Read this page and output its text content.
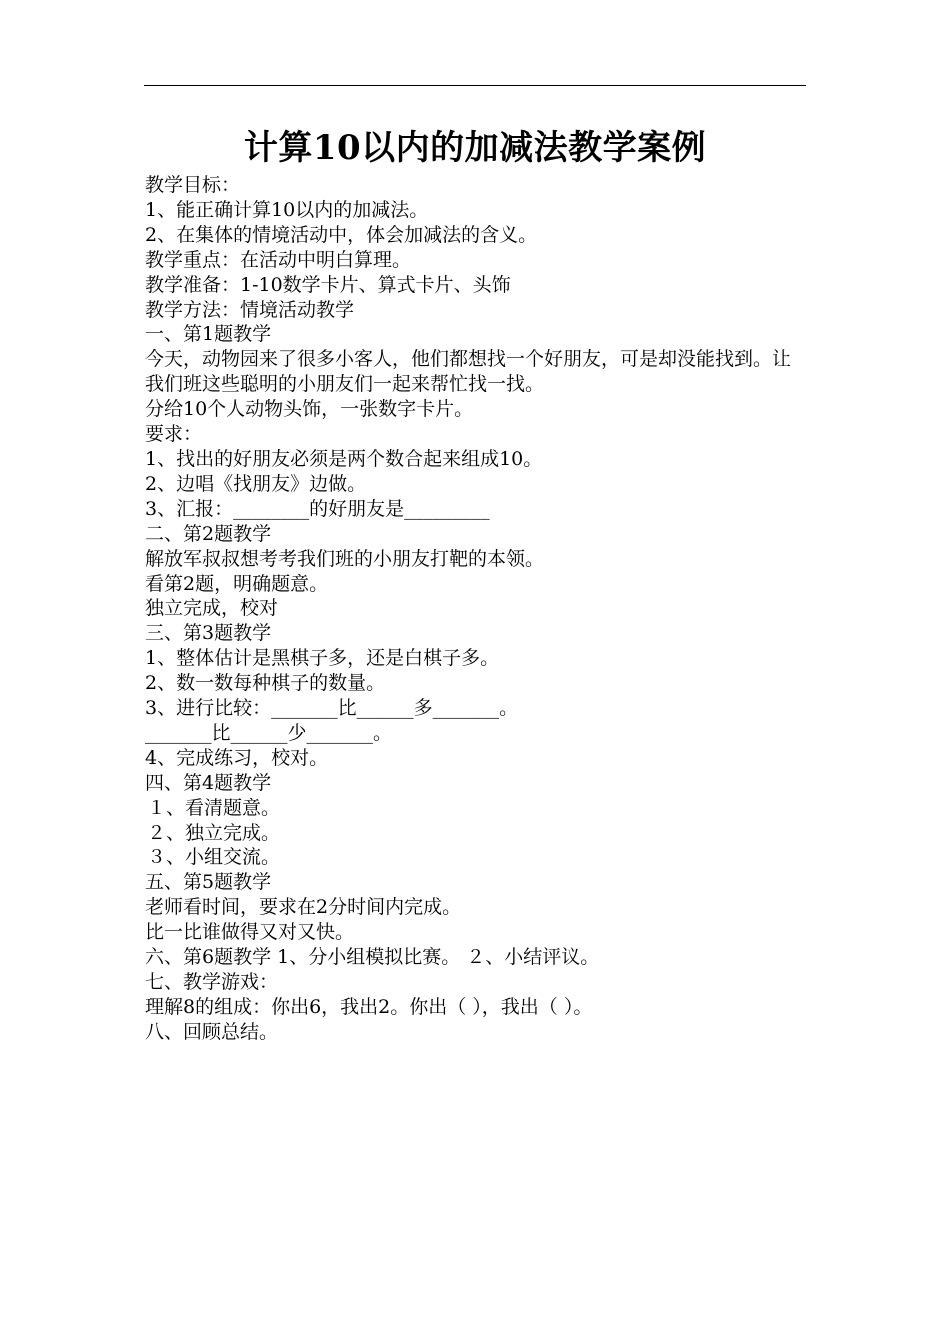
计算10以内的加减法教学案例
教学目标：
1、能正确计算10以内的加减法。
2、在集体的情境活动中，体会加减法的含义。
教学重点：在活动中明白算理。
教学准备：1-10数学卡片、算式卡片、头饰
教学方法：情境活动教学
一、第1题教学
今天，动物园来了很多小客人，他们都想找一个好朋友，可是却没能找到。让我们班这些聪明的小朋友们一起来帮忙找一找。
分给10个人动物头饰，一张数字卡片。
要求：
1、找出的好朋友必须是两个数合起来组成10。
2、边唱《找朋友》边做。
3、汇报：________的好朋友是_________
二、第2题教学
解放军叔叔想考考我们班的小朋友打靶的本领。
看第2题，明确题意。
独立完成，校对
三、第3题教学
1、整体估计是黑棋子多，还是白棋子多。
2、数一数每种棋子的数量。
3、进行比较：_______比______多_______。
_______比______少_______。
4、完成练习，校对。
四、第4题教学
１、看清题意。
２、独立完成。
３、小组交流。
五、第5题教学
老师看时间，要求在2分时间内完成。
比一比谁做得又对又快。
六、第6题教学 1、分小组模拟比赛。 ２、小结评议。
七、教学游戏：
理解8的组成：你出6，我出2。你出（ ），我出（ ）。
八、回顾总结。
